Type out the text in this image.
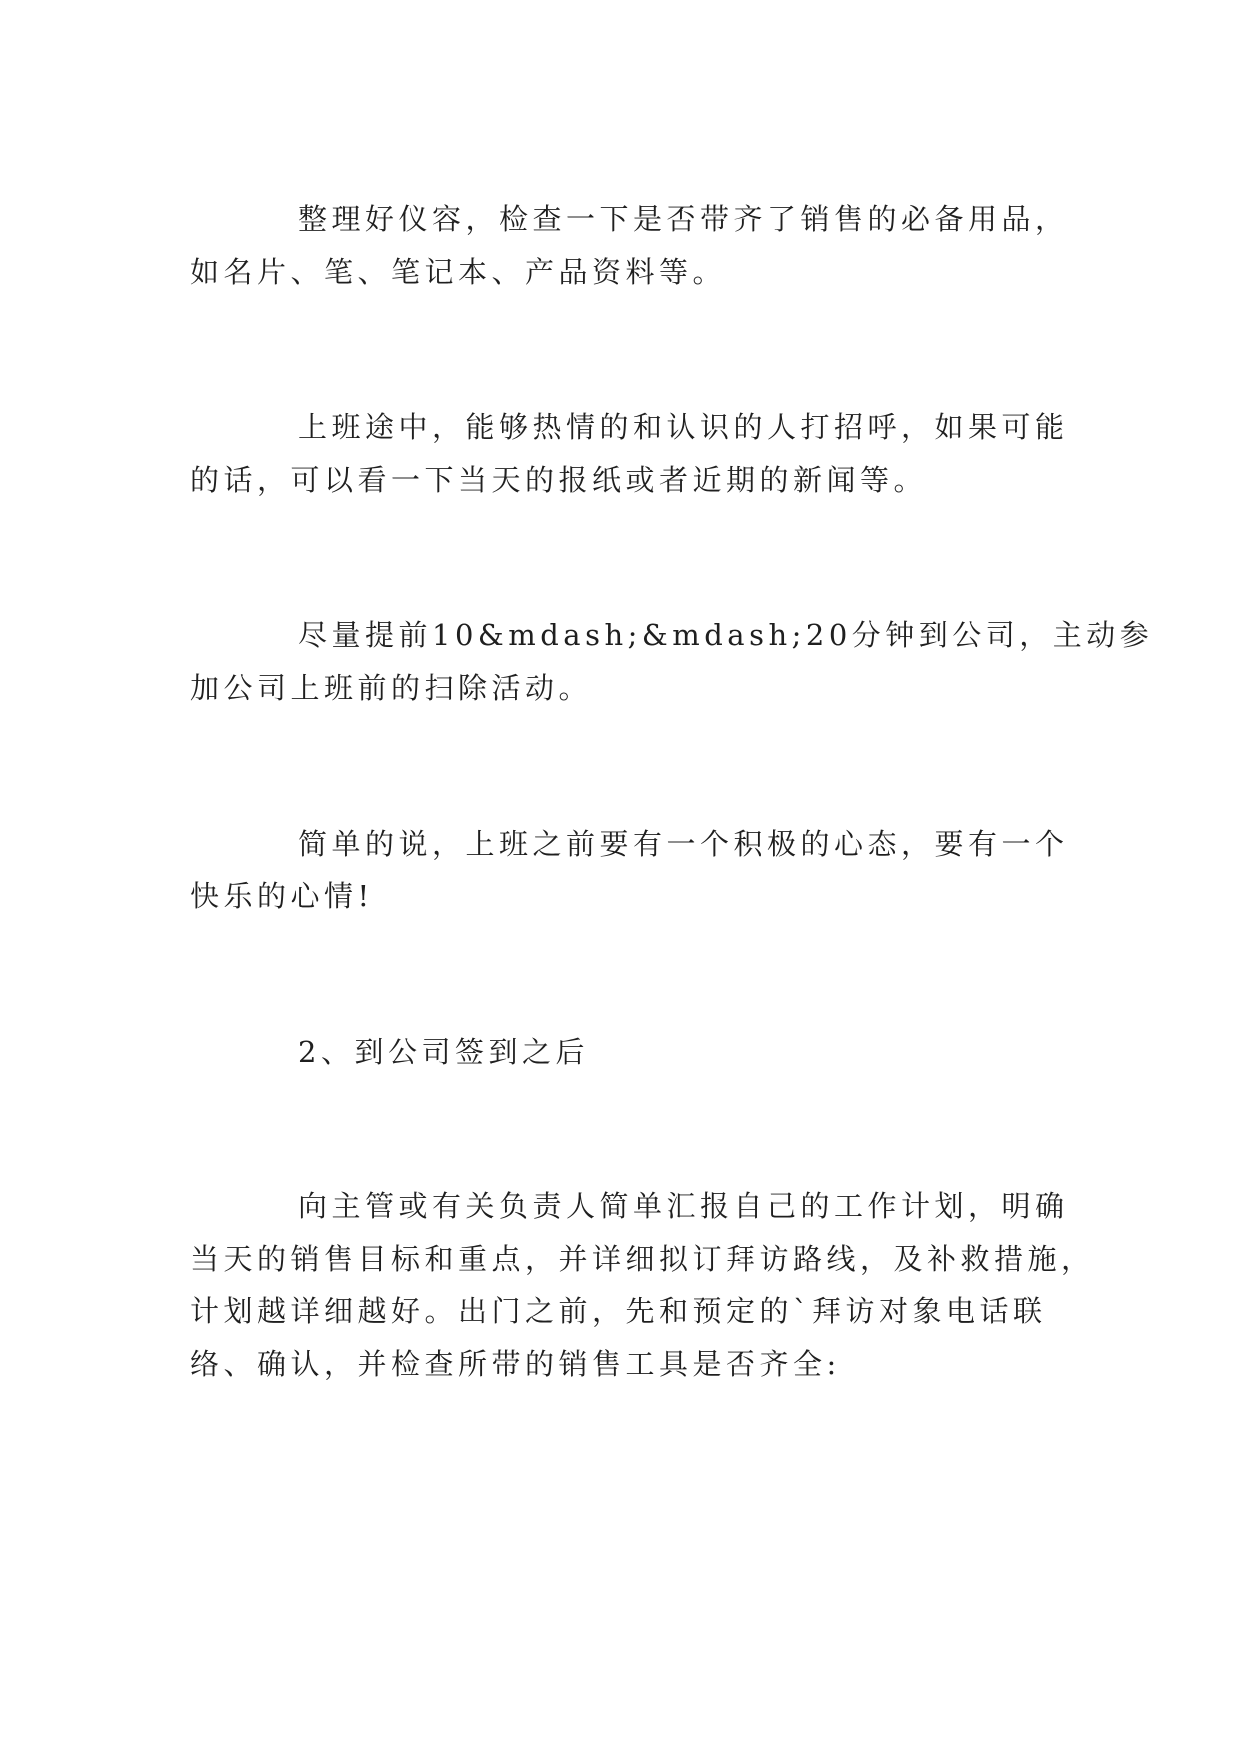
整理好仪容，检查一下是否带齐了销售的必备用品，
如名片、笔、笔记本、产品资料等。
上班途中，能够热情的和认识的人打招呼，如果可能
的话，可以看一下当天的报纸或者近期的新闻等。
尽量提前10&mdash;&mdash;20分钟到公司，主动参
加公司上班前的扫除活动。
简单的说，上班之前要有一个积极的心态，要有一个
快乐的心情!
2、到公司签到之后
向主管或有关负责人简单汇报自己的工作计划，明确
当天的销售目标和重点，并详细拟订拜访路线，及补救措施，
计划越详细越好。出门之前，先和预定的`拜访对象电话联
络、确认，并检查所带的销售工具是否齐全:
